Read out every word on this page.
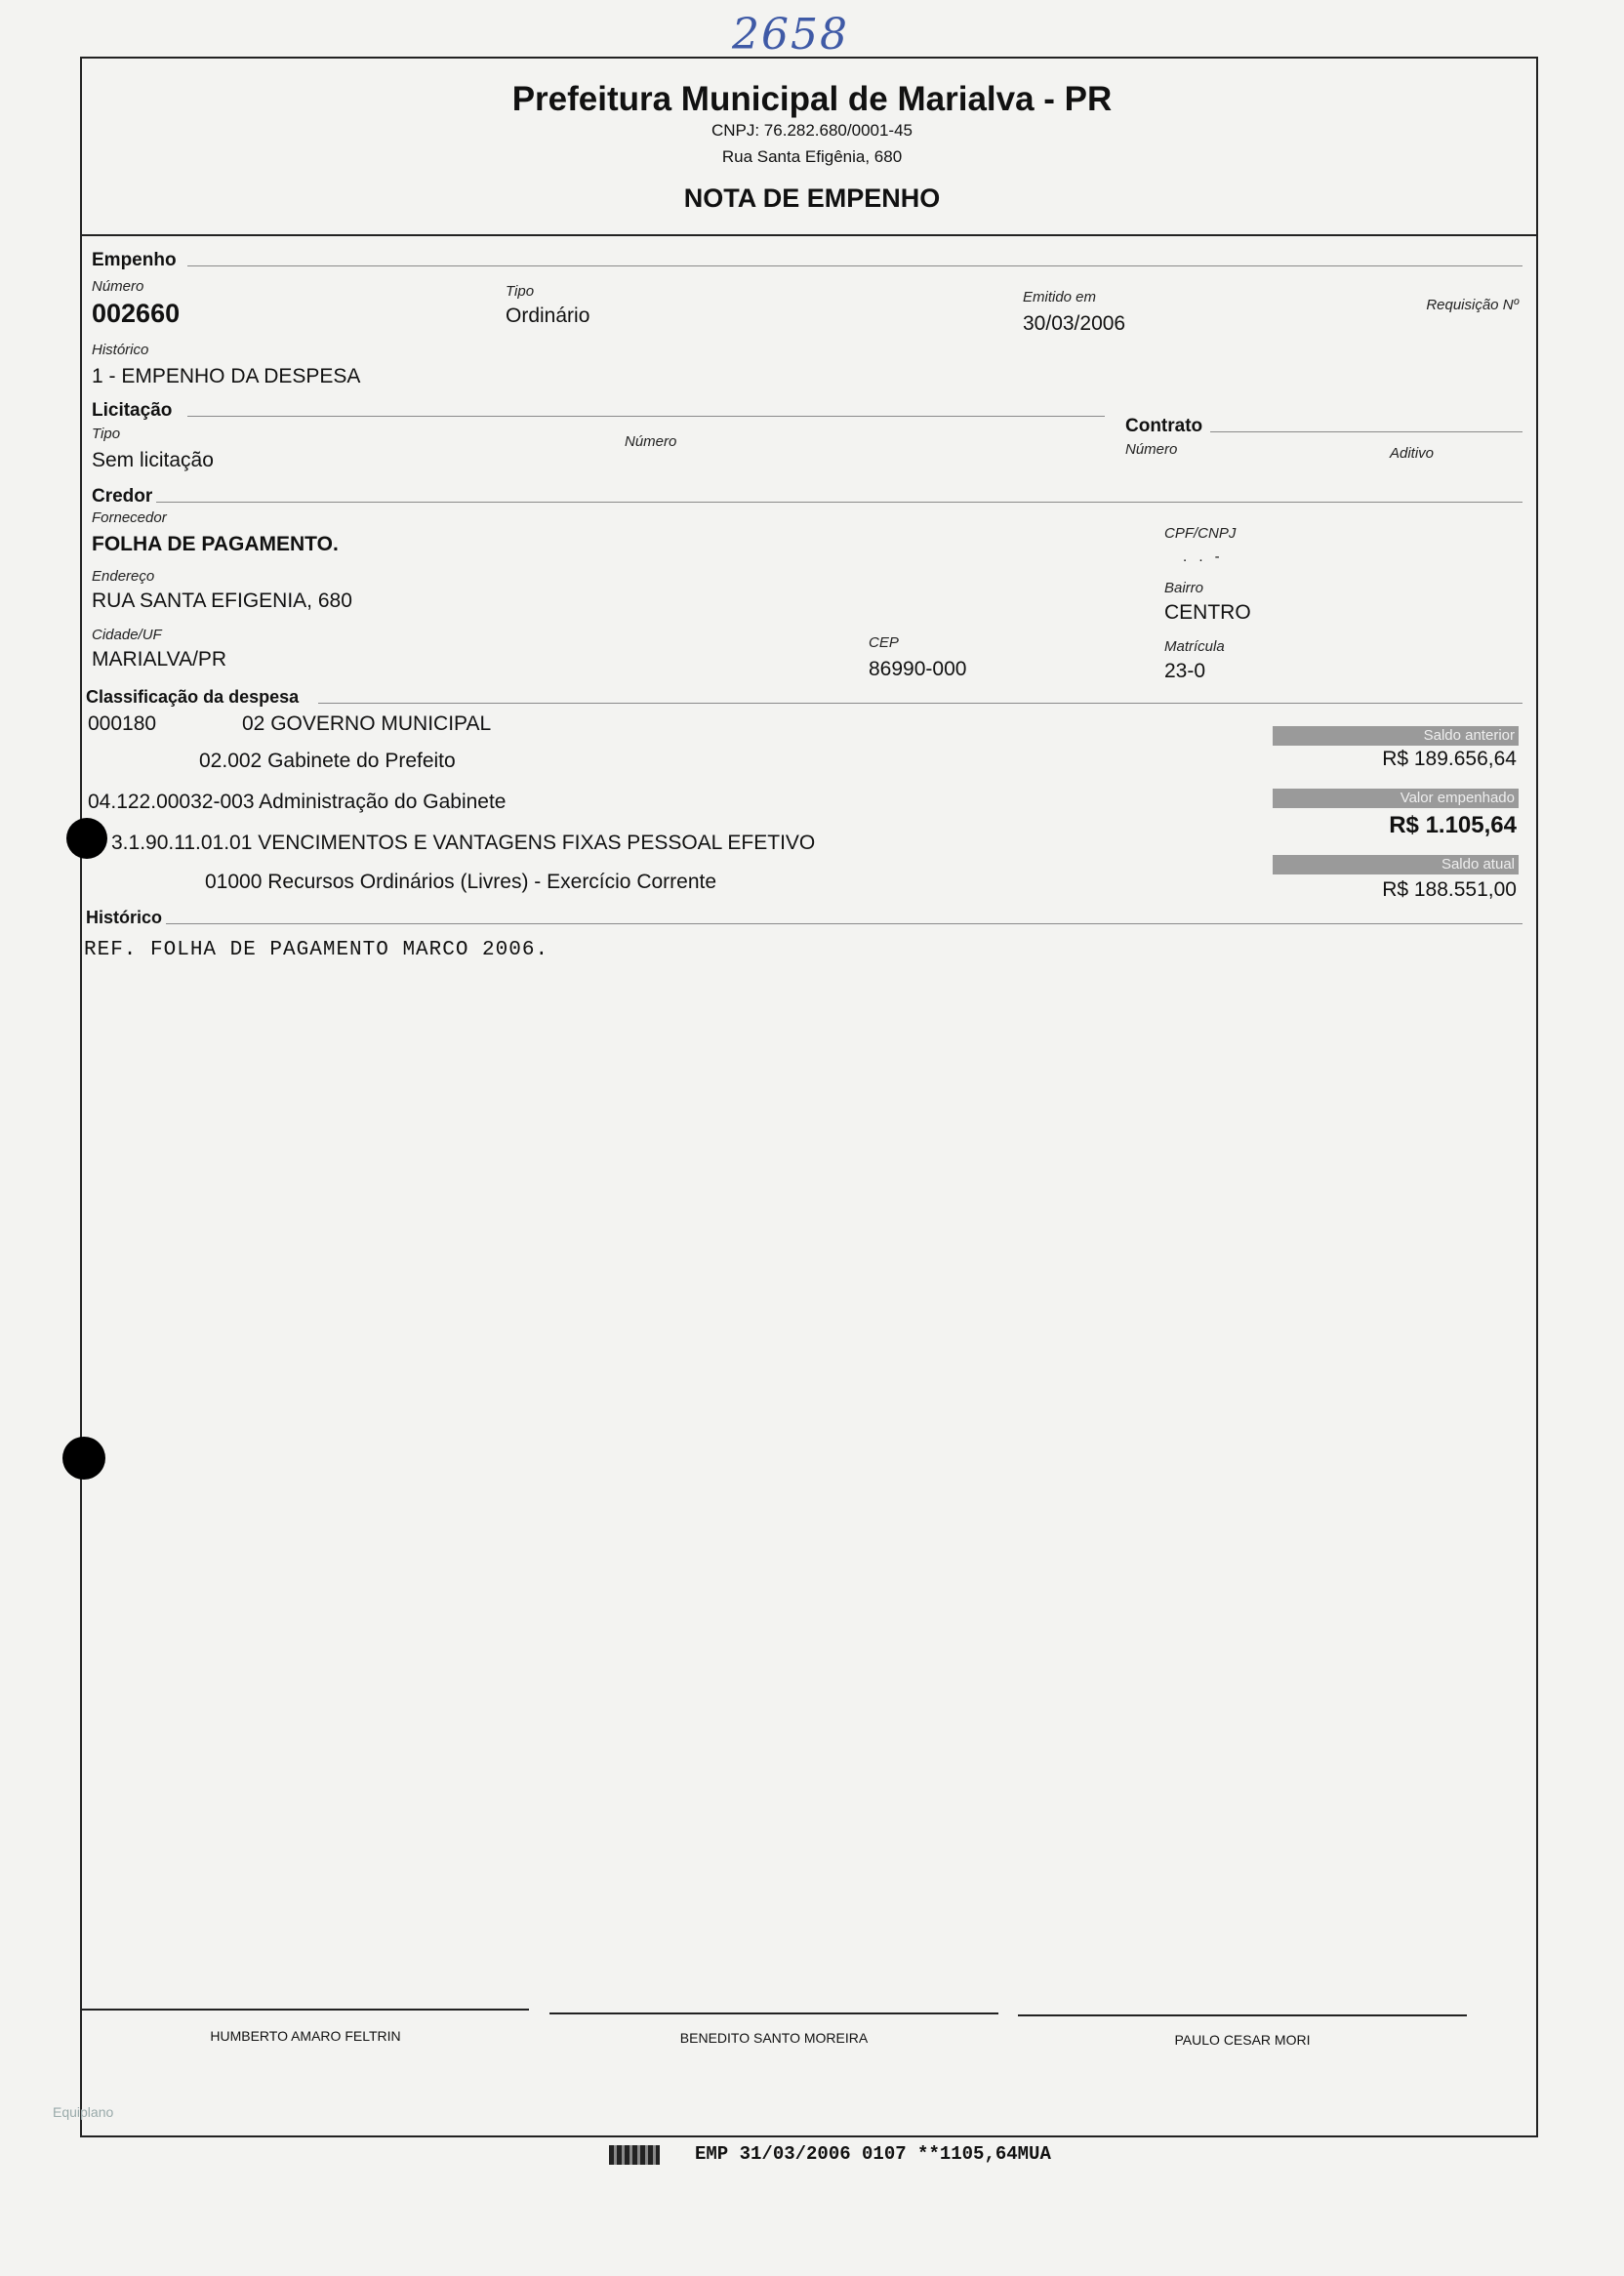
2658
Prefeitura Municipal de Marialva - PR
CNPJ: 76.282.680/0001-45
Rua Santa Efigênia, 680
NOTA DE EMPENHO
Empenho
Número
002660
Tipo
Ordinário
Emitido em
30/03/2006
Requisição Nº
Histórico
1 - EMPENHO DA DESPESA
Licitação
Tipo
Sem licitação
Número
Contrato
Número	Aditivo
Credor
Fornecedor
FOLHA DE PAGAMENTO.	CPF/CNPJ
. . -
Endereço
RUA SANTA EFIGENIA, 680
Bairro
CENTRO
Cidade/UF
MARIALVA/PR
CEP
86990-000
Matrícula
23-0
Classificação da despesa
000180	02 GOVERNO MUNICIPAL
02.002 Gabinete do Prefeito
04.122.00032-003 Administração do Gabinete
3.1.90.11.01.01 VENCIMENTOS E VANTAGENS FIXAS PESSOAL EFETIVO
01000 Recursos Ordinários (Livres) - Exercício Corrente
Saldo anterior
R$ 189.656,64
Valor empenhado
R$ 1.105,64
Saldo atual
R$ 188.551,00
Histórico
REF. FOLHA DE PAGAMENTO MARCO 2006.
HUMBERTO AMARO FELTRIN	BENEDITO SANTO MOREIRA	PAULO CESAR MORI
Equiplano
EMP 31/03/2006 0107 **1105,64MUA
